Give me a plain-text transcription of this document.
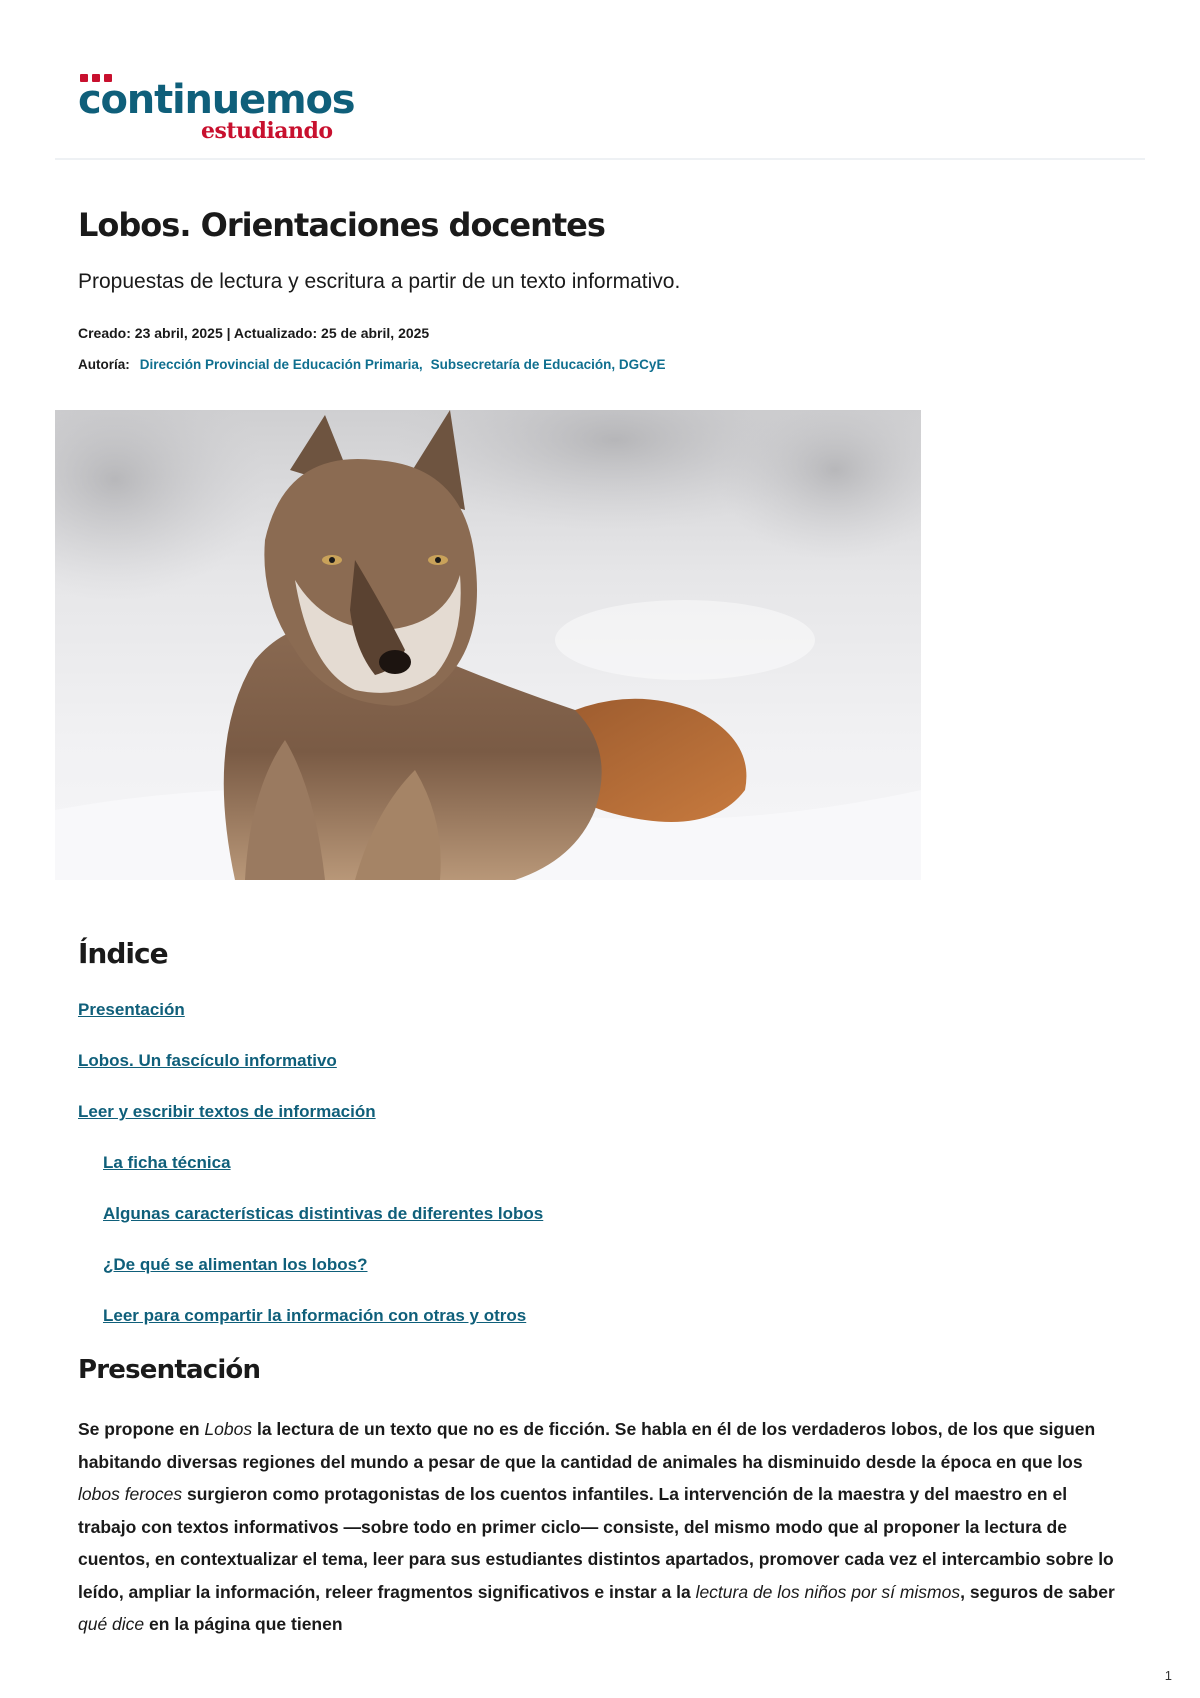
continuemos
estudiando
Lobos. Orientaciones docentes

Propuestas de lectura y escritura a partir de un texto informativo.

Creado: 23 abril, 2025 | Actualizado: 25 de abril, 2025
Autoría: Dirección Provincial de Educación Primaria, Subsecretaría de Educación, DGCyE
Índice
Presentación
Lobos. Un fascículo informativo
Leer y escribir textos de información
La ficha técnica
Algunas características distintivas de diferentes lobos
¿De qué se alimentan los lobos?
Leer para compartir la información con otras y otros
Presentación

Se propone en Lobos la lectura de un texto que no es de ficción. Se habla en él de los verdaderos lobos, de los que siguen habitando diversas regiones del mundo a pesar de que la cantidad de animales ha disminuido desde la época en que los lobos feroces surgieron como protagonistas de los cuentos infantiles. La intervención de la maestra y del maestro en el trabajo con textos informativos —sobre todo en primer ciclo— consiste, del mismo modo que al proponer la lectura de cuentos, en contextualizar el tema, leer para sus estudiantes distintos apartados, promover cada vez el intercambio sobre lo leído, ampliar la información, releer fragmentos significativos e instar a la lectura de los niños por sí mismos, seguros de saber qué dice en la página que tienen

1
